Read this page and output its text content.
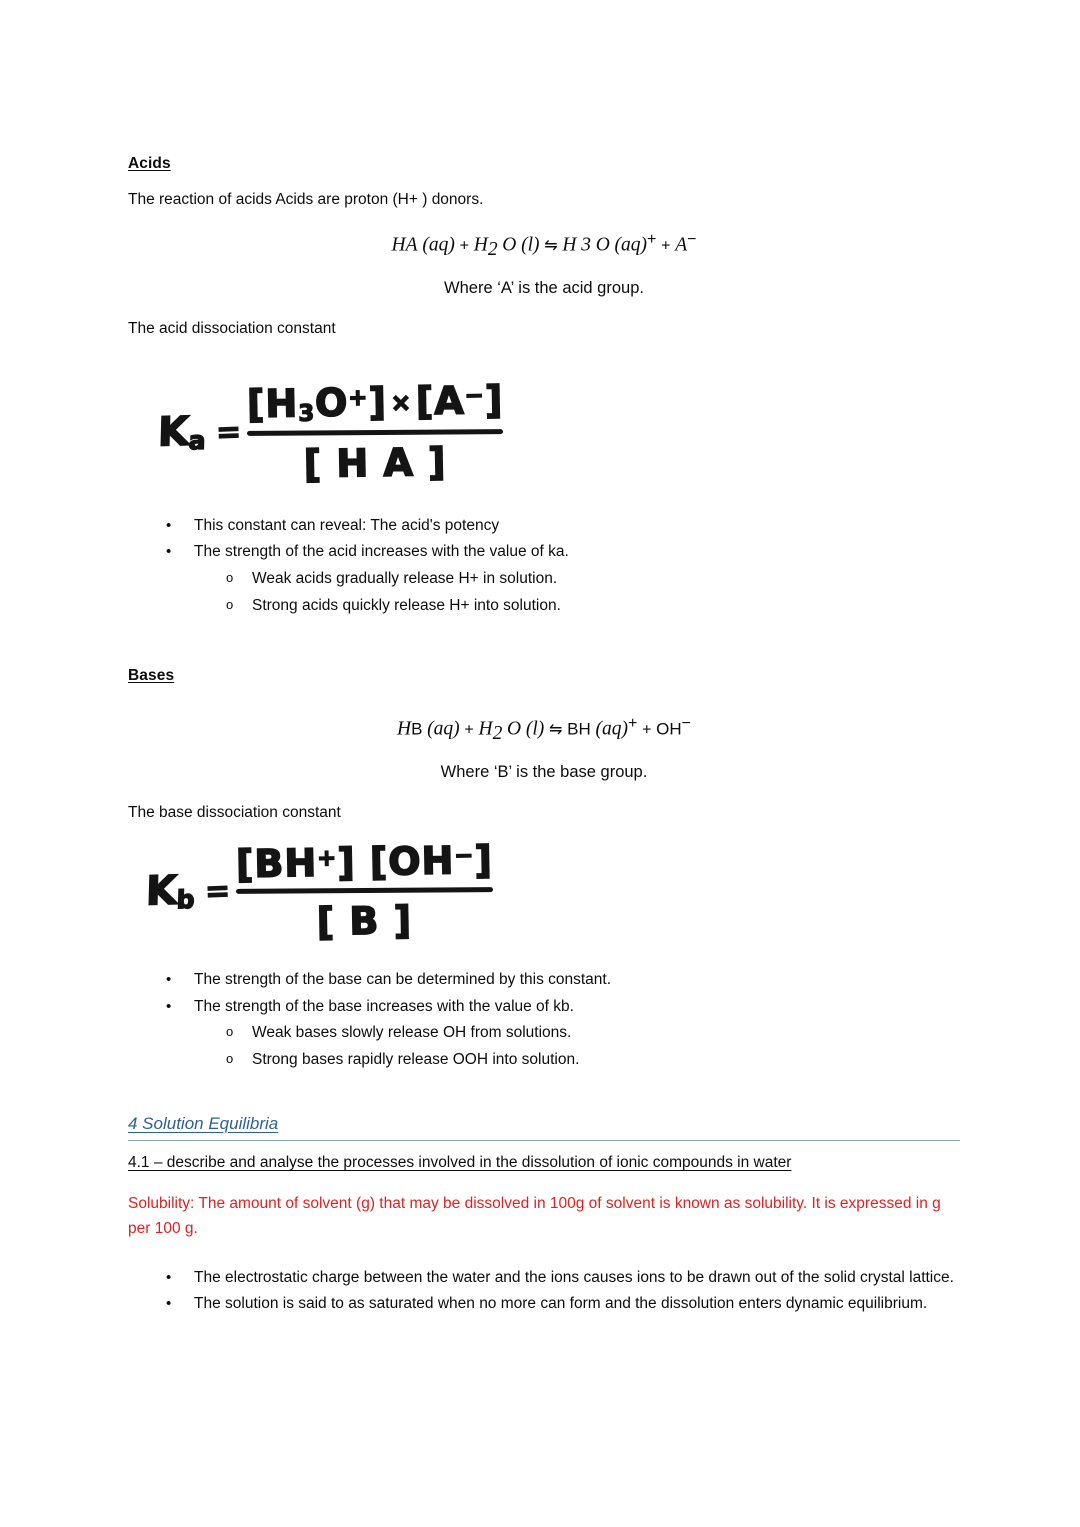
Acids

The reaction of acids Acids are proton (H+ ) donors.

HA $(aq) + H_2$ O (l) ⇋ H 3 O (aq)+ + A−

Where ‘A’ is the acid group.

The acid dissociation constant

$K_a$ =
$[H_3O^+] \times[A^-]$
[ H A ]
• This constant can reveal: The acid's potency
• The strength of the acid increases with the value of ka.
o Weak acids gradually release H+ in solution.
o Strong acids quickly release H+ into solution.
Bases
HB $(aq) + H_2$ O (l) ⇋ BH (aq)+ + OH−

Where ‘B’ is the base group.

The base dissociation constant

$K_b$ =
[BH+] [OH−]
[ B ]
• The strength of the base can be determined by this constant.
• The strength of the base increases with the value of kb.
o Weak bases slowly release OH from solutions.
o Strong bases rapidly release OOH into solution.
4 Solution Equilibria

4.1 – describe and analyse the processes involved in the dissolution of ionic compounds in water

Solubility: The amount of solvent (g) that may be dissolved in 100g of solvent is known as solubility. It is expressed in g per 100 g.

• The electrostatic charge between the water and the ions causes ions to be drawn out of the solid crystal lattice.
• The solution is said to as saturated when no more can form and the dissolution enters dynamic equilibrium.
